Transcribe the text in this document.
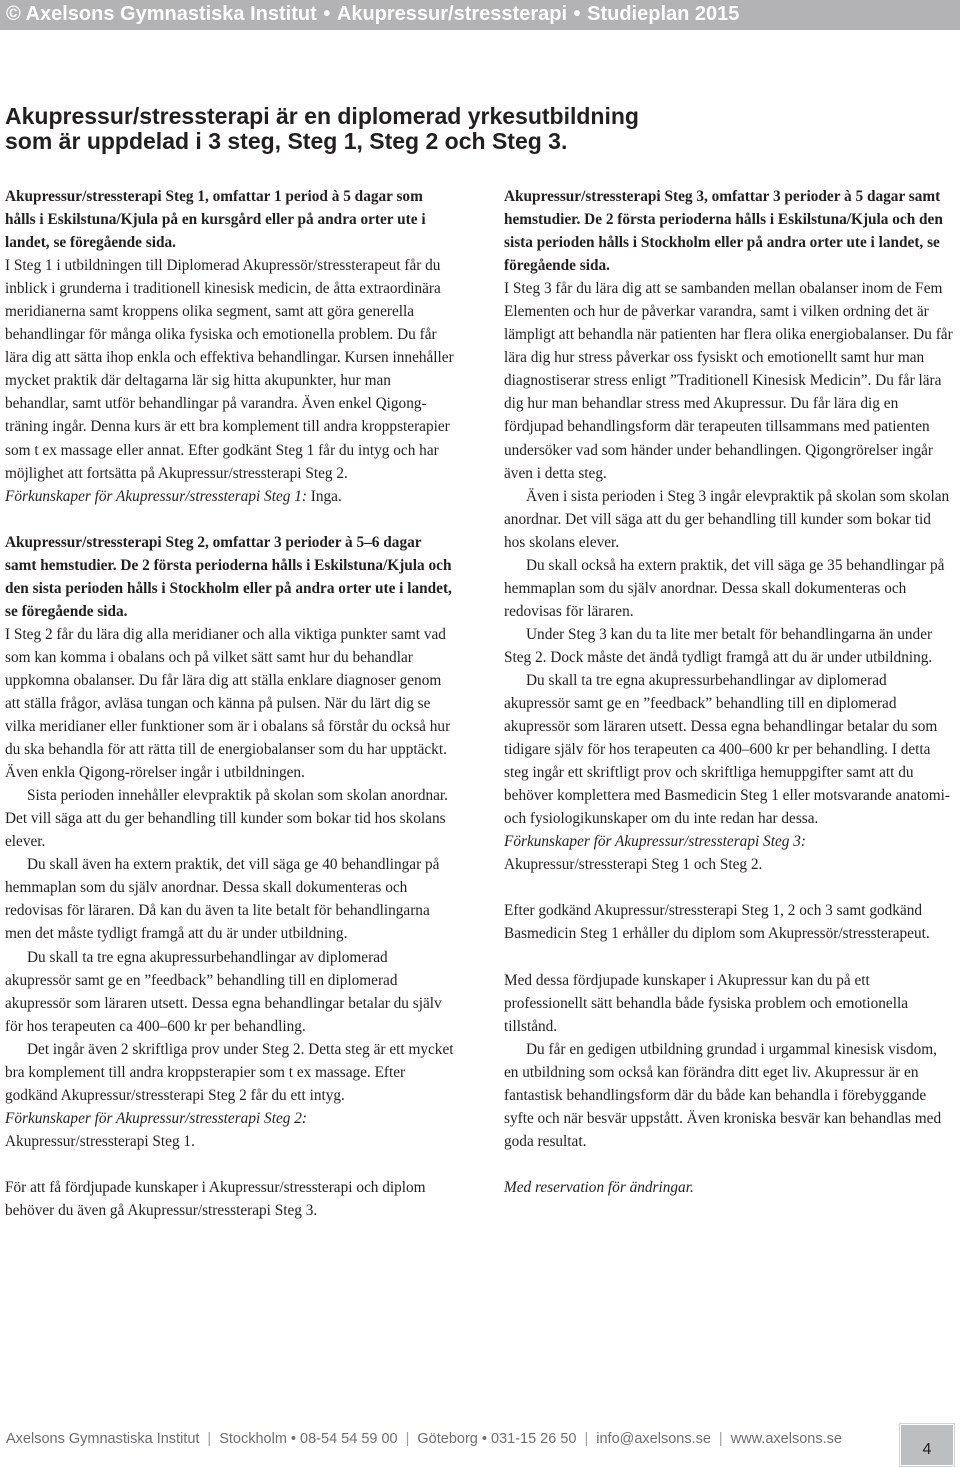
© Axelsons Gymnastiska Institut • Akupressur/stressterapi • Studieplan 2015
Akupressur/stressterapi är en diplomerad yrkesutbildning
som är uppdelad i 3 steg, Steg 1, Steg 2 och Steg 3.

Akupressur/stressterapi Steg 1, omfattar 1 period à 5 dagar som hålls i Eskilstuna/Kjula på en kursgård eller på andra orter ute i landet, se föregående sida.

I Steg 1 i utbildningen till Diplomerad Akupressör/stressterapeut får du inblick i grunderna i traditionell kinesisk medicin, de åtta extraordinära meridianerna samt kroppens olika segment, samt att göra generella behandlingar för många olika fysiska och emotionella problem. Du får lära dig att sätta ihop enkla och effektiva behandlingar. Kursen innehåller mycket praktik där deltagarna lär sig hitta akupunkter, hur man behandlar, samt utför behandlingar på varandra. Även enkel Qigong-träning ingår. Denna kurs är ett bra komplement till andra kroppsterapier som t ex massage eller annat. Efter godkänt Steg 1 får du intyg och har möjlighet att fortsätta på Akupressur/stressterapi Steg 2.

Förkunskaper för Akupressur/stressterapi Steg 1: Inga.

Akupressur/stressterapi Steg 2, omfattar 3 perioder à 5–6 dagar samt hemstudier. De 2 första perioderna hålls i Eskilstuna/Kjula och den sista perioden hålls i Stockholm eller på andra orter ute i landet, se föregående sida.

I Steg 2 får du lära dig alla meridianer och alla viktiga punkter samt vad som kan komma i obalans och på vilket sätt samt hur du behandlar uppkomna obalanser. Du får lära dig att ställa enklare diagnoser genom att ställa frågor, avläsa tungan och känna på pulsen. När du lärt dig se vilka meridianer eller funktioner som är i obalans så förstår du också hur du ska behandla för att rätta till de energiobalanser som du har upptäckt. Även enkla Qigong-rörelser ingår i utbildningen.

Sista perioden innehåller elevpraktik på skolan som skolan anordnar. Det vill säga att du ger behandling till kunder som bokar tid hos skolans elever.

Du skall även ha extern praktik, det vill säga ge 40 behandlingar på hemmaplan som du själv anordnar. Dessa skall dokumenteras och redovisas för läraren. Då kan du även ta lite betalt för behandlingarna men det måste tydligt framgå att du är under utbildning.

Du skall ta tre egna akupressurbehandlingar av diplomerad akupressör samt ge en ”feedback” behandling till en diplomerad akupressör som läraren utsett. Dessa egna behandlingar betalar du själv för hos terapeuten ca 400–600 kr per behandling.

Det ingår även 2 skriftliga prov under Steg 2. Detta steg är ett mycket bra komplement till andra kroppsterapier som t ex massage. Efter godkänd Akupressur/stressterapi Steg 2 får du ett intyg.

Förkunskaper för Akupressur/stressterapi Steg 2:

Akupressur/stressterapi Steg 1.

För att få fördjupade kunskaper i Akupressur/stressterapi och diplom behöver du även gå Akupressur/stressterapi Steg 3.

Akupressur/stressterapi Steg 3, omfattar 3 perioder à 5 dagar samt hemstudier. De 2 första perioderna hålls i Eskilstuna/Kjula och den sista perioden hålls i Stockholm eller på andra orter ute i landet, se föregående sida.

I Steg 3 får du lära dig att se sambanden mellan obalanser inom de Fem Elementen och hur de påverkar varandra, samt i vilken ordning det är lämpligt att behandla när patienten har flera olika energiobalanser. Du får lära dig hur stress påverkar oss fysiskt och emotionellt samt hur man diagnostiserar stress enligt ”Traditionell Kinesisk Medicin”. Du får lära dig hur man behandlar stress med Akupressur. Du får lära dig en fördjupad behandlingsform där terapeuten tillsammans med patienten undersöker vad som händer under behandlingen. Qigongrörelser ingår även i detta steg.

Även i sista perioden i Steg 3 ingår elevpraktik på skolan som skolan anordnar. Det vill säga att du ger behandling till kunder som bokar tid hos skolans elever.

Du skall också ha extern praktik, det vill säga ge 35 behandlingar på hemmaplan som du själv anordnar. Dessa skall dokumenteras och redovisas för läraren.

Under Steg 3 kan du ta lite mer betalt för behandlingarna än under Steg 2. Dock måste det ändå tydligt framgå att du är under utbildning.

Du skall ta tre egna akupressurbehandlingar av diplomerad akupressör samt ge en ”feedback” behandling till en diplomerad akupressör som läraren utsett. Dessa egna behandlingar betalar du som tidigare själv för hos terapeuten ca 400–600 kr per behandling. I detta steg ingår ett skriftligt prov och skriftliga hemuppgifter samt att du behöver komplettera med Basmedicin Steg 1 eller motsvarande anatomi- och fysiologikunskaper om du inte redan har dessa.

Förkunskaper för Akupressur/stressterapi Steg 3:

Akupressur/stressterapi Steg 1 och Steg 2.

Efter godkänd Akupressur/stressterapi Steg 1, 2 och 3 samt godkänd Basmedicin Steg 1 erhåller du diplom som Akupressör/stressterapeut.

Med dessa fördjupade kunskaper i Akupressur kan du på ett professionellt sätt behandla både fysiska problem och emotionella tillstånd.

Du får en gedigen utbildning grundad i urgammal kinesisk visdom, en utbildning som också kan förändra ditt eget liv. Akupressur är en fantastisk behandlingsform där du både kan behandla i förebyggande syfte och när besvär uppstått. Även kroniska besvär kan behandlas med goda resultat.

Med reservation för ändringar.

Axelsons Gymnastiska Institut | Stockholm • 08-54 54 59 00 | Göteborg • 031-15 26 50 | info@axelsons.se | www.axelsons.se
4
